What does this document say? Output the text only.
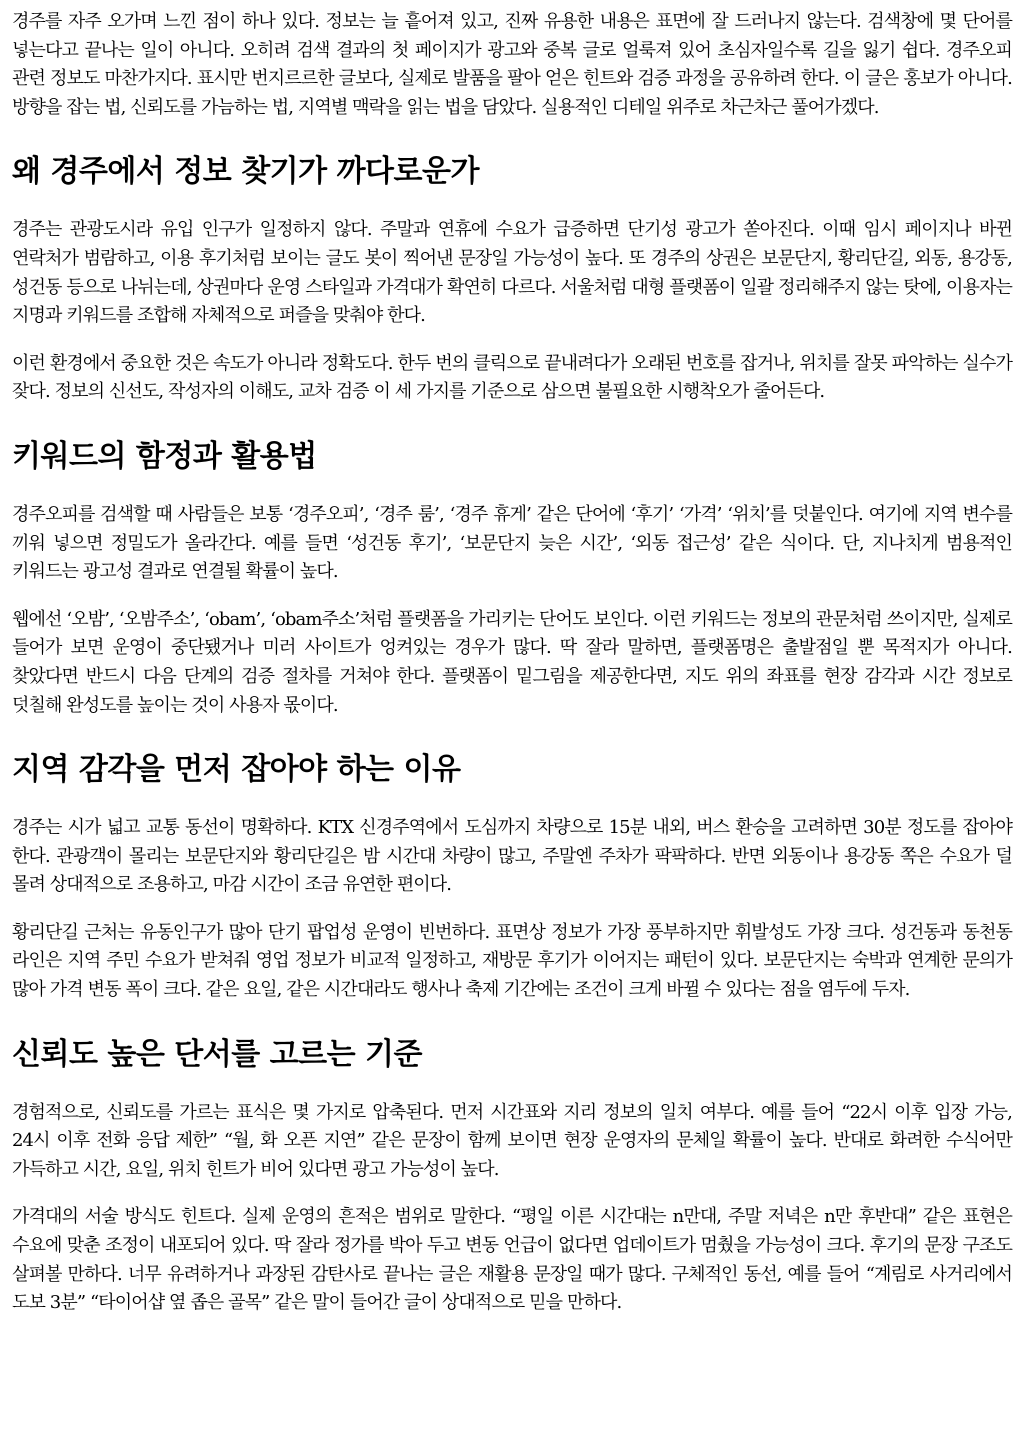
경주를 자주 오가며 느낀 점이 하나 있다. 정보는 늘 흩어져 있고, 진짜 유용한 내용은 표면에 잘 드러나지 않는다. 검색창에 몇 단어를 넣는다고 끝나는 일이 아니다. 오히려 검색 결과의 첫 페이지가 광고와 중복 글로 얼룩져 있어 초심자일수록 길을 잃기 쉽다. 경주오피 관련 정보도 마찬가지다. 표시만 번지르르한 글보다, 실제로 발품을 팔아 얻은 힌트와 검증 과정을 공유하려 한다. 이 글은 홍보가 아니다. 방향을 잡는 법, 신뢰도를 가늠하는 법, 지역별 맥락을 읽는 법을 담았다. 실용적인 디테일 위주로 차근차근 풀어가겠다.

왜 경주에서 정보 찾기가 까다로운가

경주는 관광도시라 유입 인구가 일정하지 않다. 주말과 연휴에 수요가 급증하면 단기성 광고가 쏟아진다. 이때 임시 페이지나 바뀐 연락처가 범람하고, 이용 후기처럼 보이는 글도 봇이 찍어낸 문장일 가능성이 높다. 또 경주의 상권은 보문단지, 황리단길, 외동, 용강동, 성건동 등으로 나뉘는데, 상권마다 운영 스타일과 가격대가 확연히 다르다. 서울처럼 대형 플랫폼이 일괄 정리해주지 않는 탓에, 이용자는 지명과 키워드를 조합해 자체적으로 퍼즐을 맞춰야 한다.

이런 환경에서 중요한 것은 속도가 아니라 정확도다. 한두 번의 클릭으로 끝내려다가 오래된 번호를 잡거나, 위치를 잘못 파악하는 실수가 잦다. 정보의 신선도, 작성자의 이해도, 교차 검증 이 세 가지를 기준으로 삼으면 불필요한 시행착오가 줄어든다.

키워드의 함정과 활용법

경주오피를 검색할 때 사람들은 보통 ‘경주오피’, ‘경주 룸’, ‘경주 휴게’ 같은 단어에 ‘후기’ ‘가격’ ‘위치’를 덧붙인다. 여기에 지역 변수를 끼워 넣으면 정밀도가 올라간다. 예를 들면 ‘성건동 후기’, ‘보문단지 늦은 시간’, ‘외동 접근성’ 같은 식이다. 단, 지나치게 범용적인 키워드는 광고성 결과로 연결될 확률이 높다.

웹에선 ‘오밤’, ‘오밤주소’, ‘obam’, ‘obam주소’처럼 플랫폼을 가리키는 단어도 보인다. 이런 키워드는 정보의 관문처럼 쓰이지만, 실제로 들어가 보면 운영이 중단됐거나 미러 사이트가 엉켜있는 경우가 많다. 딱 잘라 말하면, 플랫폼명은 출발점일 뿐 목적지가 아니다. 찾았다면 반드시 다음 단계의 검증 절차를 거쳐야 한다. 플랫폼이 밑그림을 제공한다면, 지도 위의 좌표를 현장 감각과 시간 정보로 덧칠해 완성도를 높이는 것이 사용자 몫이다.

지역 감각을 먼저 잡아야 하는 이유

경주는 시가 넓고 교통 동선이 명확하다. KTX 신경주역에서 도심까지 차량으로 15분 내외, 버스 환승을 고려하면 30분 정도를 잡아야 한다. 관광객이 몰리는 보문단지와 황리단길은 밤 시간대 차량이 많고, 주말엔 주차가 팍팍하다. 반면 외동이나 용강동 쪽은 수요가 덜 몰려 상대적으로 조용하고, 마감 시간이 조금 유연한 편이다.

황리단길 근처는 유동인구가 많아 단기 팝업성 운영이 빈번하다. 표면상 정보가 가장 풍부하지만 휘발성도 가장 크다. 성건동과 동천동 라인은 지역 주민 수요가 받쳐줘 영업 정보가 비교적 일정하고, 재방문 후기가 이어지는 패턴이 있다. 보문단지는 숙박과 연계한 문의가 많아 가격 변동 폭이 크다. 같은 요일, 같은 시간대라도 행사나 축제 기간에는 조건이 크게 바뀔 수 있다는 점을 염두에 두자.

신뢰도 높은 단서를 고르는 기준

경험적으로, 신뢰도를 가르는 표식은 몇 가지로 압축된다. 먼저 시간표와 지리 정보의 일치 여부다. 예를 들어 “22시 이후 입장 가능, 24시 이후 전화 응답 제한” “월, 화 오픈 지연” 같은 문장이 함께 보이면 현장 운영자의 문체일 확률이 높다. 반대로 화려한 수식어만 가득하고 시간, 요일, 위치 힌트가 비어 있다면 광고 가능성이 높다.

가격대의 서술 방식도 힌트다. 실제 운영의 흔적은 범위로 말한다. “평일 이른 시간대는 n만대, 주말 저녁은 n만 후반대” 같은 표현은 수요에 맞춘 조정이 내포되어 있다. 딱 잘라 정가를 박아 두고 변동 언급이 없다면 업데이트가 멈췄을 가능성이 크다. 후기의 문장 구조도 살펴볼 만하다. 너무 유려하거나 과장된 감탄사로 끝나는 글은 재활용 문장일 때가 많다. 구체적인 동선, 예를 들어 “계림로 사거리에서 도보 3분” “타이어샵 옆 좁은 골목” 같은 말이 들어간 글이 상대적으로 믿을 만하다.
